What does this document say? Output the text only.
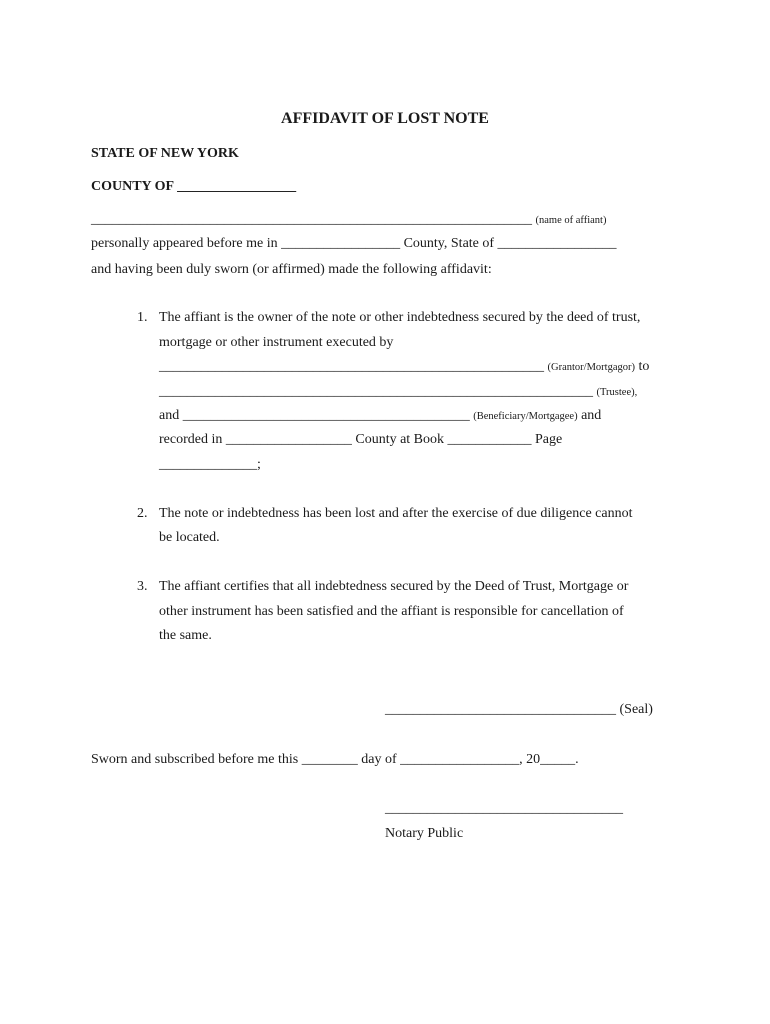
AFFIDAVIT OF LOST NOTE
STATE OF NEW YORK
COUNTY OF _________________
_______________________________________________________________ (name of affiant)
personally appeared before me in _________________ County, State of _________________
and having been duly sworn (or affirmed) made the following affidavit:
1. The affiant is the owner of the note or other indebtedness secured by the deed of trust,
mortgage or other instrument executed by
_______________________________________________________ (Grantor/Mortgagor) to
______________________________________________________________ (Trustee),
and _________________________________________ (Beneficiary/Mortgagee) and
recorded in __________________ County at Book ____________ Page
______________;
2. The note or indebtedness has been lost and after the exercise of due diligence cannot
be located.
3. The affiant certifies that all indebtedness secured by the Deed of Trust, Mortgage or
other instrument has been satisfied and the affiant is responsible for cancellation of
the same.
_________________________________ (Seal)
Sworn and subscribed before me this ________ day of _________________, 20_____.
__________________________________
Notary Public
